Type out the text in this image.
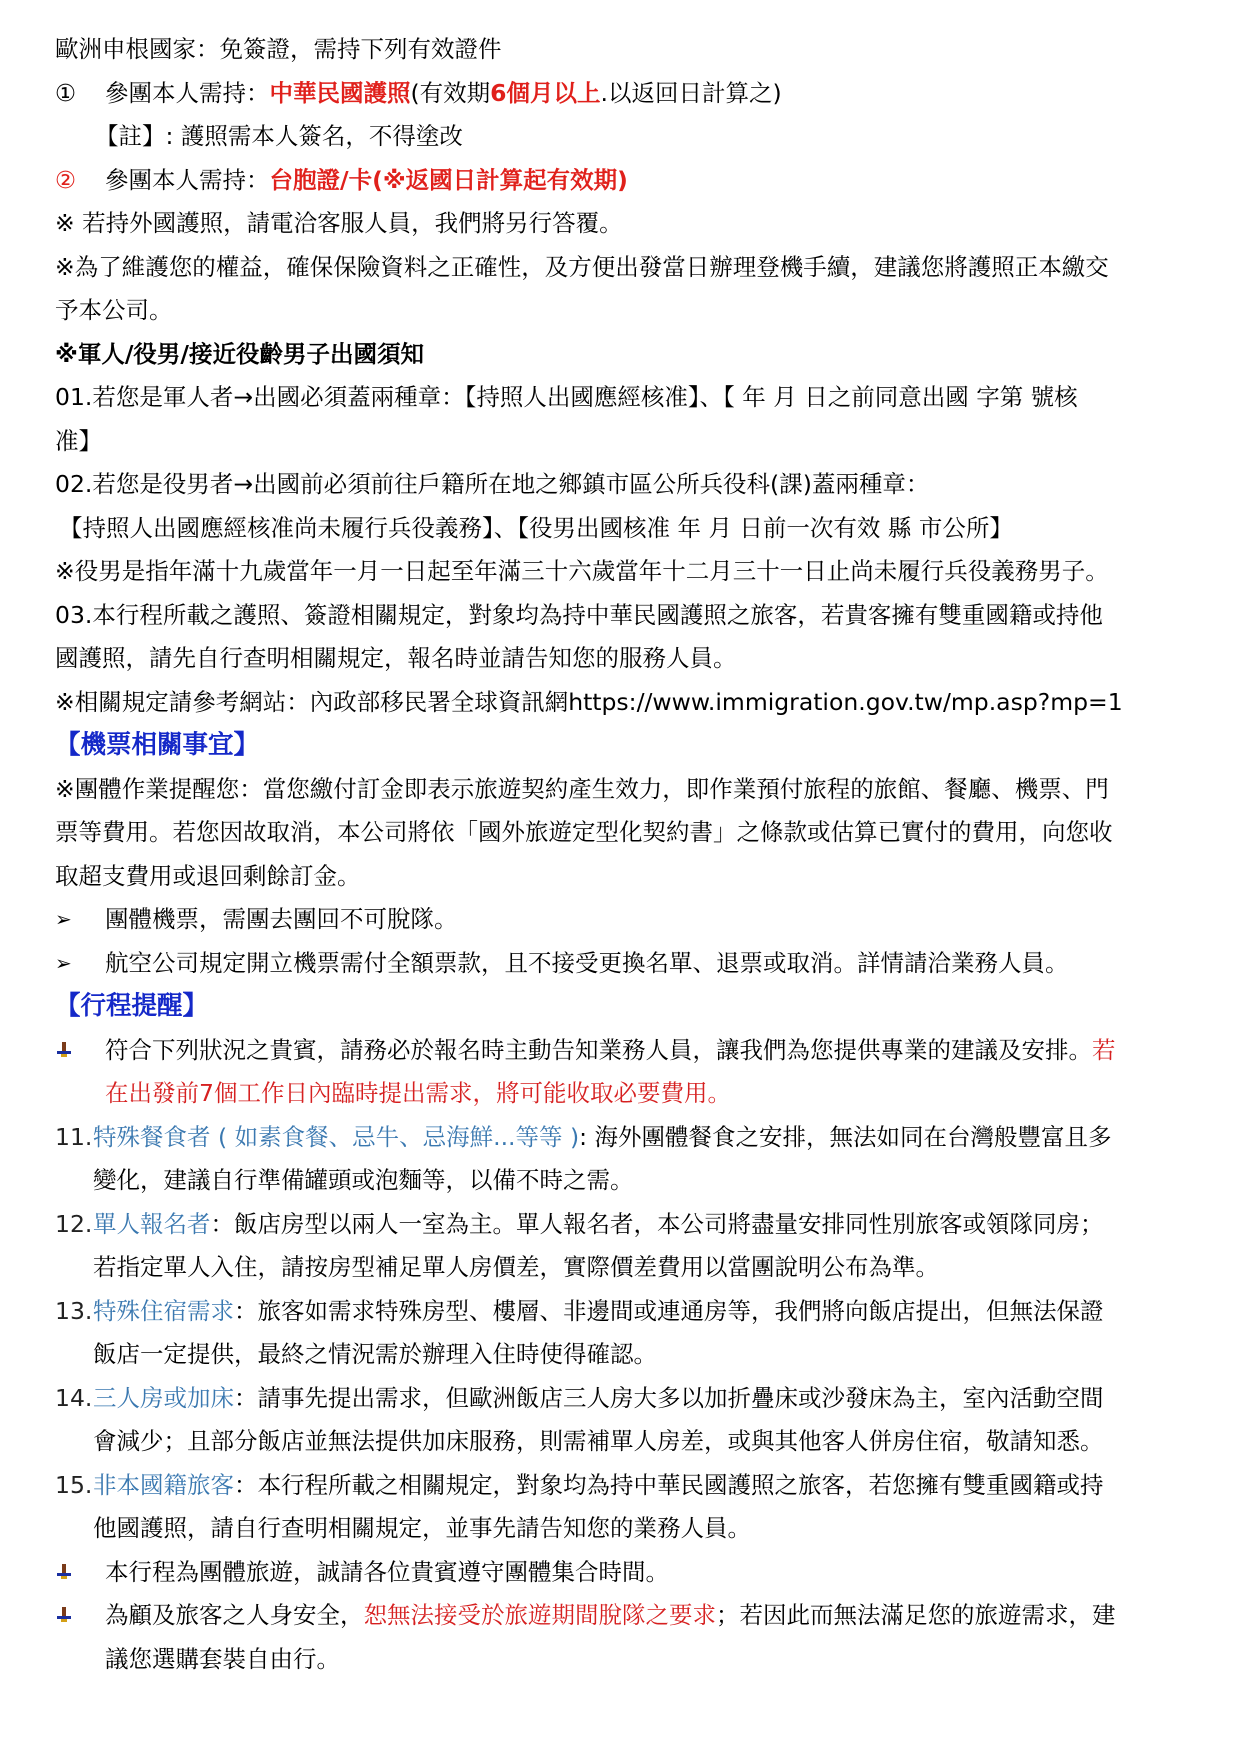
歐洲申根國家：免簽證，需持下列有效證件
①	參團本人需持：中華民國護照(有效期6個月以上.以返回日計算之)
【註】: 護照需本人簽名，不得塗改
②	參團本人需持：台胞證/卡(※返國日計算起有效期)
※ 若持外國護照，請電洽客服人員，我們將另行答覆。
※為了維護您的權益，確保保險資料之正確性，及方便出發當日辦理登機手續，建議您將護照正本繳交
予本公司。
※軍人/役男/接近役齡男子出國須知
01.若您是軍人者→出國必須蓋兩種章：【持照人出國應經核准】、【 年 月 日之前同意出國 字第 號核
准】
02.若您是役男者→出國前必須前往戶籍所在地之鄉鎮市區公所兵役科(課)蓋兩種章：
【持照人出國應經核准尚未履行兵役義務】、【役男出國核准 年 月 日前一次有效 縣 市公所】
※役男是指年滿十九歲當年一月一日起至年滿三十六歲當年十二月三十一日止尚未履行兵役義務男子。
03.本行程所載之護照、簽證相關規定，對象均為持中華民國護照之旅客，若貴客擁有雙重國籍或持他
國護照，請先自行查明相關規定，報名時並請告知您的服務人員。
※相關規定請參考網站：內政部移民署全球資訊網https://www.immigration.gov.tw/mp.asp?mp=1
【機票相關事宜】
※團體作業提醒您：當您繳付訂金即表示旅遊契約產生效力，即作業預付旅程的旅館、餐廳、機票、門
票等費用。若您因故取消，本公司將依「國外旅遊定型化契約書」之條款或估算已實付的費用，向您收
取超支費用或退回剩餘訂金。
➢	團體機票，需團去團回不可脫隊。
➢	航空公司規定開立機票需付全額票款，且不接受更換名單、退票或取消。詳情請洽業務人員。
【行程提醒】
符合下列狀況之貴賓，請務必於報名時主動告知業務人員，讓我們為您提供專業的建議及安排。若
在出發前7個工作日內臨時提出需求，將可能收取必要費用。
11. 特殊餐食者 ( 如素食餐、忌牛、忌海鮮...等等 ): 海外團體餐食之安排，無法如同在台灣般豐富且多
變化，建議自行準備罐頭或泡麵等，以備不時之需。
12. 單人報名者：飯店房型以兩人一室為主。單人報名者，本公司將盡量安排同性別旅客或領隊同房；
若指定單人入住，請按房型補足單人房價差，實際價差費用以當團說明公布為準。
13. 特殊住宿需求：旅客如需求特殊房型、樓層、非邊間或連通房等，我們將向飯店提出，但無法保證
飯店一定提供，最終之情況需於辦理入住時使得確認。
14. 三人房或加床：請事先提出需求，但歐洲飯店三人房大多以加折疊床或沙發床為主，室內活動空間
會減少；且部分飯店並無法提供加床服務，則需補單人房差，或與其他客人併房住宿，敬請知悉。
15. 非本國籍旅客：本行程所載之相關規定，對象均為持中華民國護照之旅客，若您擁有雙重國籍或持
他國護照，請自行查明相關規定，並事先請告知您的業務人員。
本行程為團體旅遊，誠請各位貴賓遵守團體集合時間。
為顧及旅客之人身安全，恕無法接受於旅遊期間脫隊之要求；若因此而無法滿足您的旅遊需求，建
議您選購套裝自由行。
